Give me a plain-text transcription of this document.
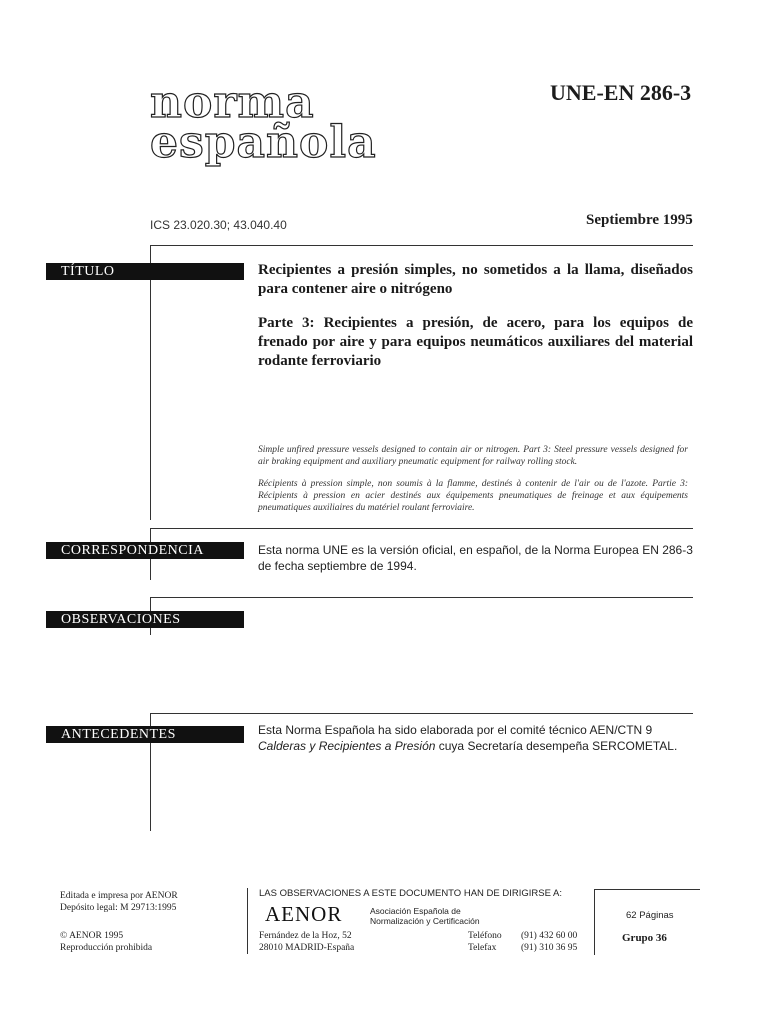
norma
española
UNE-EN 286-3
ICS 23.020.30; 43.040.40	Septiembre 1995
TÍTULO	Recipientes a presión simples, no sometidos a la llama, diseñados para contener aire o nitrógeno
Parte 3: Recipientes a presión, de acero, para los equipos de frenado por aire y para equipos neumáticos auxiliares del material rodante ferroviario
Simple unfired pressure vessels designed to contain air or nitrogen. Part 3: Steel pressure vessels designed for air braking equipment and auxiliary pneumatic equipment for railway rolling stock.
Récipients à pression simple, non soumis à la flamme, destinés à contenir de l'air ou de l'azote. Partie 3: Récipients à pression en acier destinés aux équipements pneumatiques de freinage et aux équipements pneumatiques auxiliaires du matériel roulant ferroviaire.
CORRESPONDENCIA	Esta norma UNE es la versión oficial, en español, de la Norma Europea EN 286-3 de fecha septiembre de 1994.
OBSERVACIONES
ANTECEDENTES	Esta Norma Española ha sido elaborada por el comité técnico AEN/CTN 9 Calderas y Recipientes a Presión cuya Secretaría desempeña SERCOMETAL.
Editada e impresa por AENOR
Depósito legal: M 29713:1995
© AENOR 1995
Reproducción prohibida
LAS OBSERVACIONES A ESTE DOCUMENTO HAN DE DIRIGIRSE A:
AENOR	Asociación Española de
Normalización y Certificación
Fernández de la Hoz, 52
28010 MADRID-España
Teléfono (91) 432 60 00
Telefax	(91) 310 36 95
62 Páginas
Grupo 36
